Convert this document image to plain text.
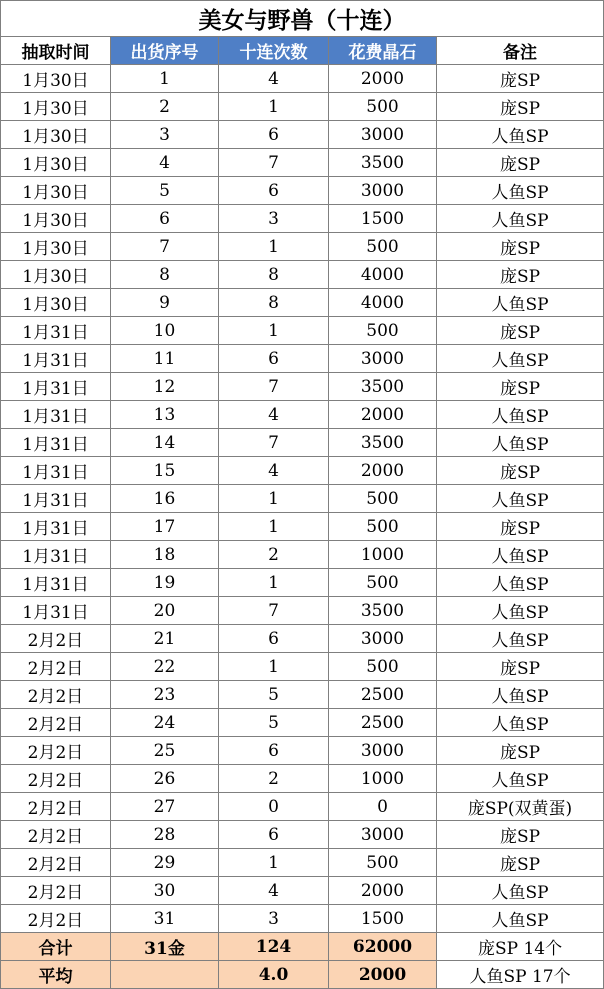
美女与野兽（十连）				
抽取时间	出货序号	十连次数	花费晶石	备注
1月30日	1	4	2000	庞SP
1月30日	2	1	500	庞SP
1月30日	3	6	3000	人鱼SP
1月30日	4	7	3500	庞SP
1月30日	5	6	3000	人鱼SP
1月30日	6	3	1500	人鱼SP
1月30日	7	1	500	庞SP
1月30日	8	8	4000	庞SP
1月30日	9	8	4000	人鱼SP
1月31日	10	1	500	庞SP
1月31日	11	6	3000	人鱼SP
1月31日	12	7	3500	庞SP
1月31日	13	4	2000	人鱼SP
1月31日	14	7	3500	人鱼SP
1月31日	15	4	2000	庞SP
1月31日	16	1	500	人鱼SP
1月31日	17	1	500	庞SP
1月31日	18	2	1000	人鱼SP
1月31日	19	1	500	人鱼SP
1月31日	20	7	3500	人鱼SP
2月2日	21	6	3000	人鱼SP
2月2日	22	1	500	庞SP
2月2日	23	5	2500	人鱼SP
2月2日	24	5	2500	人鱼SP
2月2日	25	6	3000	庞SP
2月2日	26	2	1000	人鱼SP
2月2日	27	0	0	庞SP(双黄蛋)
2月2日	28	6	3000	庞SP
2月2日	29	1	500	庞SP
2月2日	30	4	2000	人鱼SP
2月2日	31	3	1500	人鱼SP
合计	31金	124	62000	庞SP 14个
平均		4.0	2000	人鱼SP 17个
